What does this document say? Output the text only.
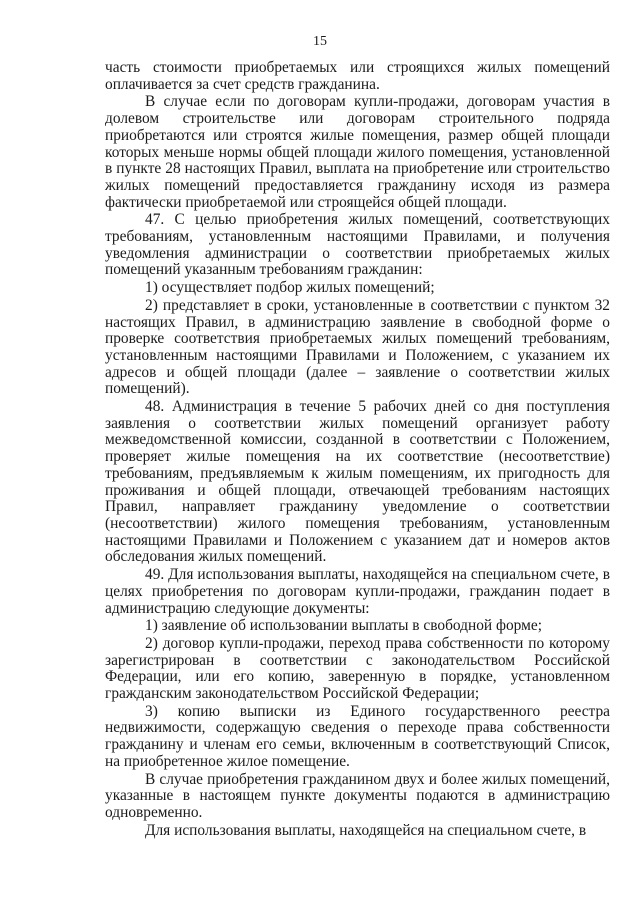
15

часть стоимости приобретаемых или строящихся жилых помещений оплачивается за счет средств гражданина.

В случае если по договорам купли-продажи, договорам участия в долевом строительстве или договорам строительного подряда приобретаются или строятся жилые помещения, размер общей площади которых меньше нормы общей площади жилого помещения, установленной в пункте 28 настоящих Правил, выплата на приобретение или строительство жилых помещений предоставляется гражданину исходя из размера фактически приобретаемой или строящейся общей площади.

47. С целью приобретения жилых помещений, соответствующих требованиям, установленным настоящими Правилами, и получения уведомления администрации о соответствии приобретаемых жилых помещений указанным требованиям гражданин:

1) осуществляет подбор жилых помещений;

2) представляет в сроки, установленные в соответствии с пунктом 32 настоящих Правил, в администрацию заявление в свободной форме о проверке соответствия приобретаемых жилых помещений требованиям, установленным настоящими Правилами и Положением, с указанием их адресов и общей площади (далее – заявление о соответствии жилых помещений).

48. Администрация в течение 5 рабочих дней со дня поступления заявления о соответствии жилых помещений организует работу межведомственной комиссии, созданной в соответствии с Положением, проверяет жилые помещения на их соответствие (несоответствие) требованиям, предъявляемым к жилым помещениям, их пригодность для проживания и общей площади, отвечающей требованиям настоящих Правил, направляет гражданину уведомление о соответствии (несоответствии) жилого помещения требованиям, установленным настоящими Правилами и Положением с указанием дат и номеров актов обследования жилых помещений.

49. Для использования выплаты, находящейся на специальном счете, в целях приобретения по договорам купли-продажи, гражданин подает в администрацию следующие документы:

1) заявление об использовании выплаты в свободной форме;

2) договор купли-продажи, переход права собственности по которому зарегистрирован в соответствии с законодательством Российской Федерации, или его копию, заверенную в порядке, установленном гражданским законодательством Российской Федерации;

3) копию выписки из Единого государственного реестра недвижимости, содержащую сведения о переходе права собственности гражданину и членам его семьи, включенным в соответствующий Список, на приобретенное жилое помещение.

В случае приобретения гражданином двух и более жилых помещений, указанные в настоящем пункте документы подаются в администрацию одновременно.

Для использования выплаты, находящейся на специальном счете, в
